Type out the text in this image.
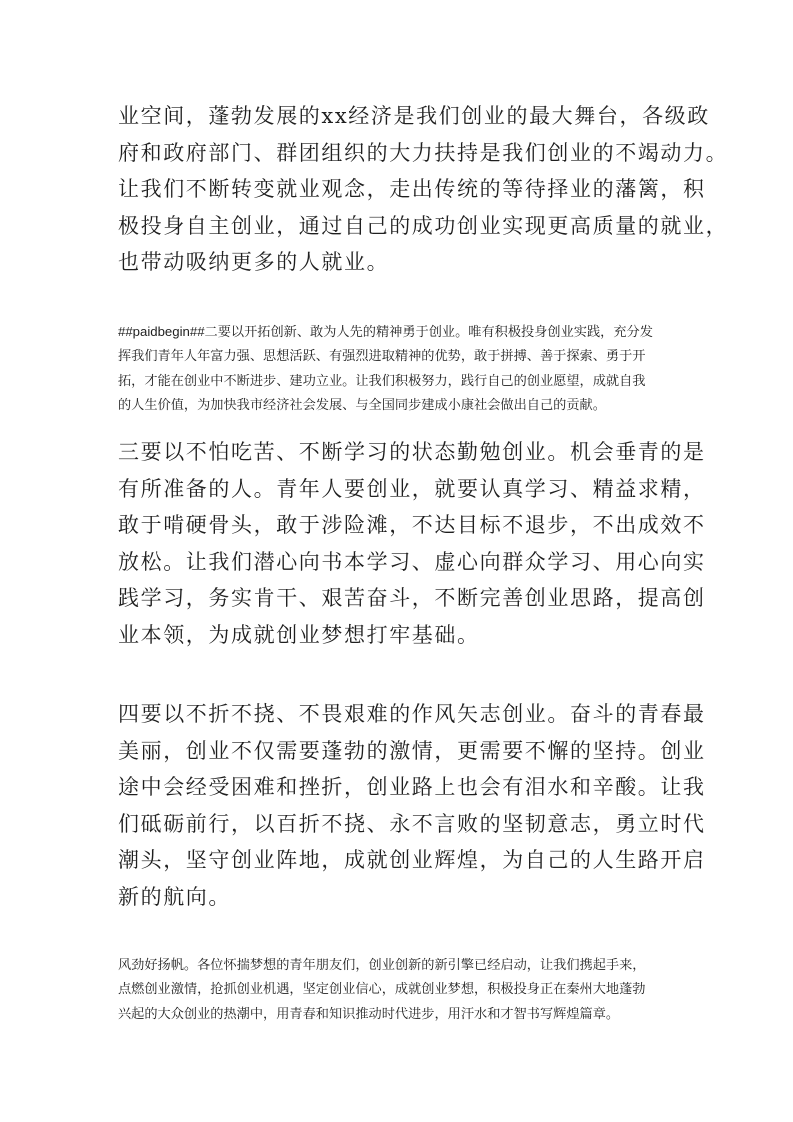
业空间，蓬勃发展的xx经济是我们创业的最大舞台，各级政
府和政府部门、群团组织的大力扶持是我们创业的不竭动力。
让我们不断转变就业观念，走出传统的等待择业的藩篱，积
极投身自主创业，通过自己的成功创业实现更高质量的就业，
也带动吸纳更多的人就业。
##paidbegin##二要以开拓创新、敢为人先的精神勇于创业。唯有积极投身创业实践，充分发
挥我们青年人年富力强、思想活跃、有强烈进取精神的优势，敢于拼搏、善于探索、勇于开
拓，才能在创业中不断进步、建功立业。让我们积极努力，践行自己的创业愿望，成就自我
的人生价值，为加快我市经济社会发展、与全国同步建成小康社会做出自己的贡献。
三要以不怕吃苦、不断学习的状态勤勉创业。机会垂青的是
有所准备的人。青年人要创业，就要认真学习、精益求精，
敢于啃硬骨头，敢于涉险滩，不达目标不退步，不出成效不
放松。让我们潜心向书本学习、虚心向群众学习、用心向实
践学习，务实肯干、艰苦奋斗，不断完善创业思路，提高创
业本领，为成就创业梦想打牢基础。
四要以不折不挠、不畏艰难的作风矢志创业。奋斗的青春最
美丽，创业不仅需要蓬勃的激情，更需要不懈的坚持。创业
途中会经受困难和挫折，创业路上也会有泪水和辛酸。让我
们砥砺前行，以百折不挠、永不言败的坚韧意志，勇立时代
潮头，坚守创业阵地，成就创业辉煌，为自己的人生路开启
新的航向。
风劲好扬帆。各位怀揣梦想的青年朋友们，创业创新的新引擎已经启动，让我们携起手来，
点燃创业激情，抢抓创业机遇，坚定创业信心，成就创业梦想，积极投身正在秦州大地蓬勃
兴起的大众创业的热潮中，用青春和知识推动时代进步，用汗水和才智书写辉煌篇章。
